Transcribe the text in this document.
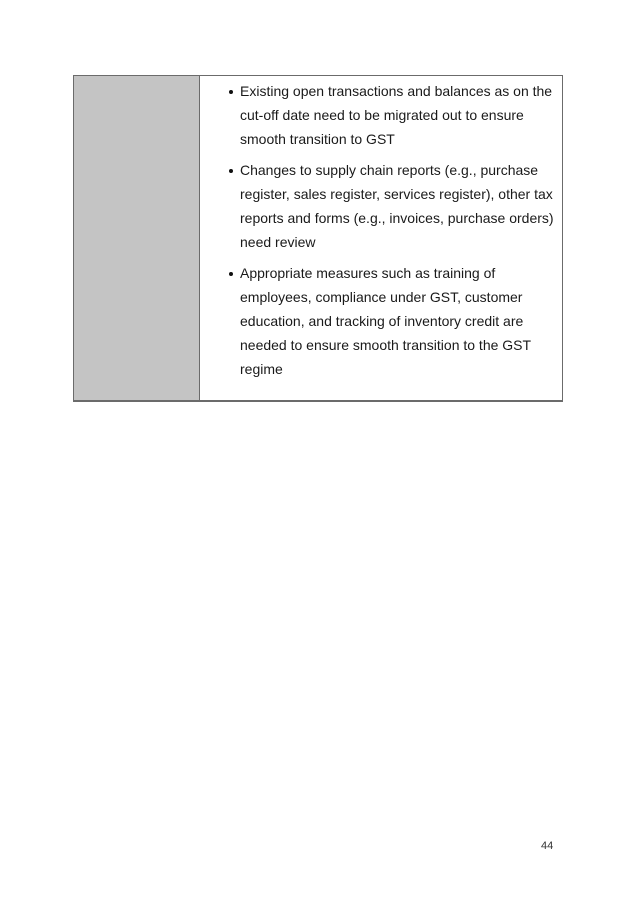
Existing open transactions and balances as on the cut-off date need to be migrated out to ensure smooth transition to GST
Changes to supply chain reports (e.g., purchase register, sales register, services register), other tax reports and forms (e.g., invoices, purchase orders) need review
Appropriate measures such as training of employees, compliance under GST, customer education, and tracking of inventory credit are needed to ensure smooth transition to the GST regime
44
